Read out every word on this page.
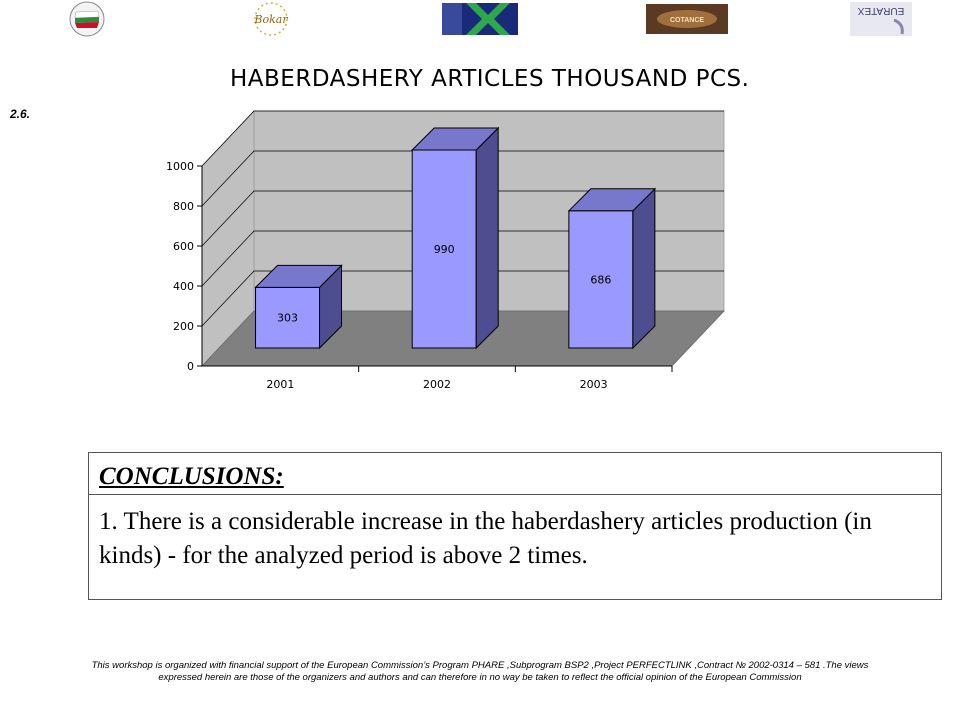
Bokar	COTANCE
EURATEX
2.6.
HABERDASHERY ARTICLES THOUSAND PCS.
0
200
400
600
800
1000
303
2001
990
2002
686
2003
CONCLUSIONS:
1. There is a considerable increase in the haberdashery articles production (in kinds) - for the analyzed period is above 2 times.
This workshop is organized with financial support of the European Commission’s Program PHARE ,Subprogram BSP2 ,Project PERFECTLINK ,Contract № 2002-0314 – 581 .The views
expressed herein are those of the organizers and authors and can therefore in no way be taken to reflect the official opinion of the European Commission
